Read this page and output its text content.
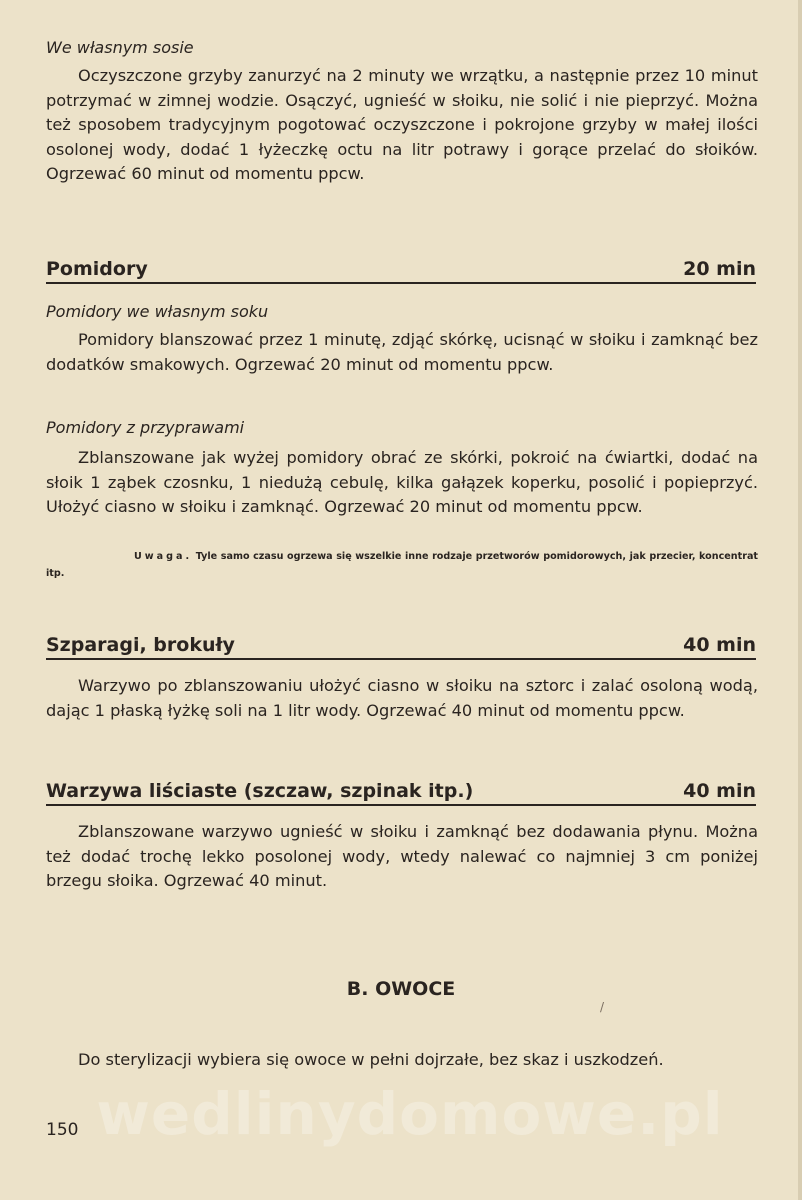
We własnym sosie

Oczyszczone grzyby zanurzyć na 2 minuty we wrzątku, a następnie przez 10 minut potrzymać w zimnej wodzie. Osączyć, ugnieść w słoiku, nie solić i nie pieprzyć. Można też sposobem tradycyjnym pogotować oczyszczone i pokrojone grzyby w małej ilości osolonej wody, dodać 1 łyżeczkę octu na litr potrawy i gorące przelać do słoików. Ogrzewać 60 minut od momentu ppcw.

Pomidory	20 min

Pomidory we własnym soku

Pomidory blanszować przez 1 minutę, zdjąć skórkę, ucisnąć w słoiku i zamknąć bez dodatków smakowych. Ogrzewać 20 minut od momentu ppcw.

Pomidory z przyprawami

Zblanszowane jak wyżej pomidory obrać ze skórki, pokroić na ćwiartki, dodać na słoik 1 ząbek czosnku, 1 niedużą cebulę, kilka gałązek koperku, posolić i popieprzyć. Ułożyć ciasno w słoiku i zamknąć. Ogrzewać 20 minut od momentu ppcw.

Uwaga. Tyle samo czasu ogrzewa się wszelkie inne rodzaje przetworów pomidorowych, jak przecier, koncentrat itp.

Szparagi, brokuły	40 min

Warzywo po zblanszowaniu ułożyć ciasno w słoiku na sztorc i zalać osoloną wodą, dając 1 płaską łyżkę soli na 1 litr wody. Ogrzewać 40 minut od momentu ppcw.

Warzywa liściaste (szczaw, szpinak itp.)	40 min

Zblanszowane warzywo ugnieść w słoiku i zamknąć bez dodawania płynu. Można też dodać trochę lekko posolonej wody, wtedy nalewać co najmniej 3 cm poniżej brzegu słoika. Ogrzewać 40 minut.

B. OWOCE
/

Do sterylizacji wybiera się owoce w pełni dojrzałe, bez skaz i uszkodzeń.

wedlinydomowe.pl
150
